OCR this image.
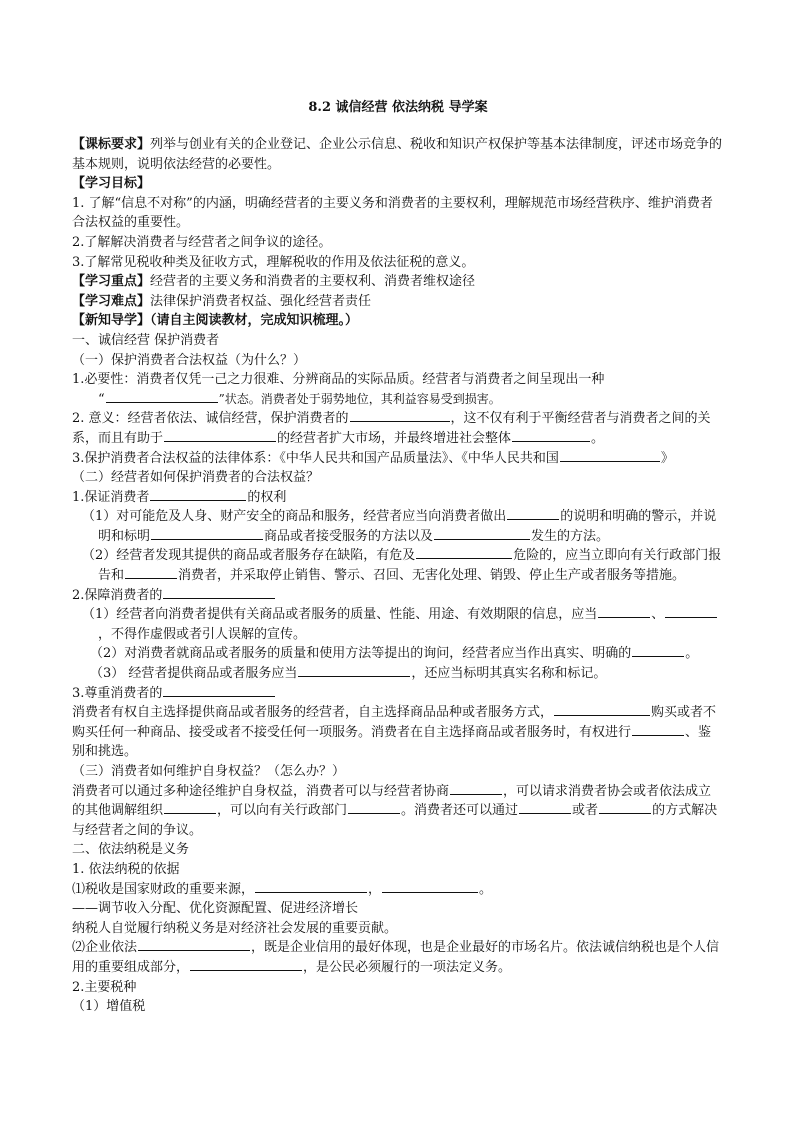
8.2 诚信经营 依法纳税 导学案

【课标要求】列举与创业有关的企业登记、企业公示信息、税收和知识产权保护等基本法律制度，评述市场竞争的基本规则，说明依法经营的必要性。

【学习目标】

1. 了解“信息不对称”的内涵，明确经营者的主要义务和消费者的主要权利，理解规范市场经营秩序、维护消费者合法权益的重要性。

2.了解解决消费者与经营者之间争议的途径。

3.了解常见税收种类及征收方式，理解税收的作用及依法征税的意义。

【学习重点】经营者的主要义务和消费者的主要权利、消费者维权途径

【学习难点】法律保护消费者权益、强化经营者责任

【新知导学】（请自主阅读教材，完成知识梳理。）

一、诚信经营 保护消费者

（一）保护消费者合法权益（为什么？）

1.必要性：消费者仅凭一己之力很难、分辨商品的实际品质。经营者与消费者之间呈现出一种

“	”状态。消费者处于弱势地位，其利益容易受到损害。

2. 意义：经营者依法、诚信经营，保护消费者的	，这不仅有利于平衡经营者与消费者之间的关系，而且有助于	的经营者扩大市场，并最终增进社会整体	。

3.保护消费者合法权益的法律体系：《中华人民共和国产品质量法》、《中华人民共和国	》

（二）经营者如何保护消费者的合法权益？

1.保证消费者	的权利

（1）对可能危及人身、财产安全的商品和服务，经营者应当向消费者做出	的说明和明确的警示，并说明和标明	商品或者接受服务的方法以及	发生的方法。

（2）经营者发现其提供的商品或者服务存在缺陷，有危及	危险的，应当立即向有关行政部门报告和	消费者，并采取停止销售、警示、召回、无害化处理、销毁、停止生产或者服务等措施。

2.保障消费者的

（1）经营者向消费者提供有关商品或者服务的质量、性能、用途、有效期限的信息，应当	、，不得作虚假或者引人误解的宣传。

（2）对消费者就商品或者服务的质量和使用方法等提出的询问，经营者应当作出真实、明确的	。

（3） 经营者提供商品或者服务应当	，还应当标明其真实名称和标记。

3.尊重消费者的

消费者有权自主选择提供商品或者服务的经营者，自主选择商品品种或者服务方式，	购买或者不购买任何一种商品、接受或者不接受任何一项服务。消费者在自主选择商品或者服务时，有权进行	、鉴别和挑选。

（三）消费者如何维护自身权益？（怎么办？）

消费者可以通过多种途径维护自身权益，消费者可以与经营者协商	，可以请求消费者协会或者依法成立的其他调解组织	，可以向有关行政部门	。消费者还可以通过	或者	的方式解决与经营者之间的争议。

二、依法纳税是义务

1. 依法纳税的依据

⑴税收是国家财政的重要来源，	，	。

——调节收入分配、优化资源配置、促进经济增长

纳税人自觉履行纳税义务是对经济社会发展的重要贡献。

⑵企业依法	，既是企业信用的最好体现，也是企业最好的市场名片。依法诚信纳税也是个人信用的重要组成部分，	，是公民必须履行的一项法定义务。

2.主要税种

（1）增值税
